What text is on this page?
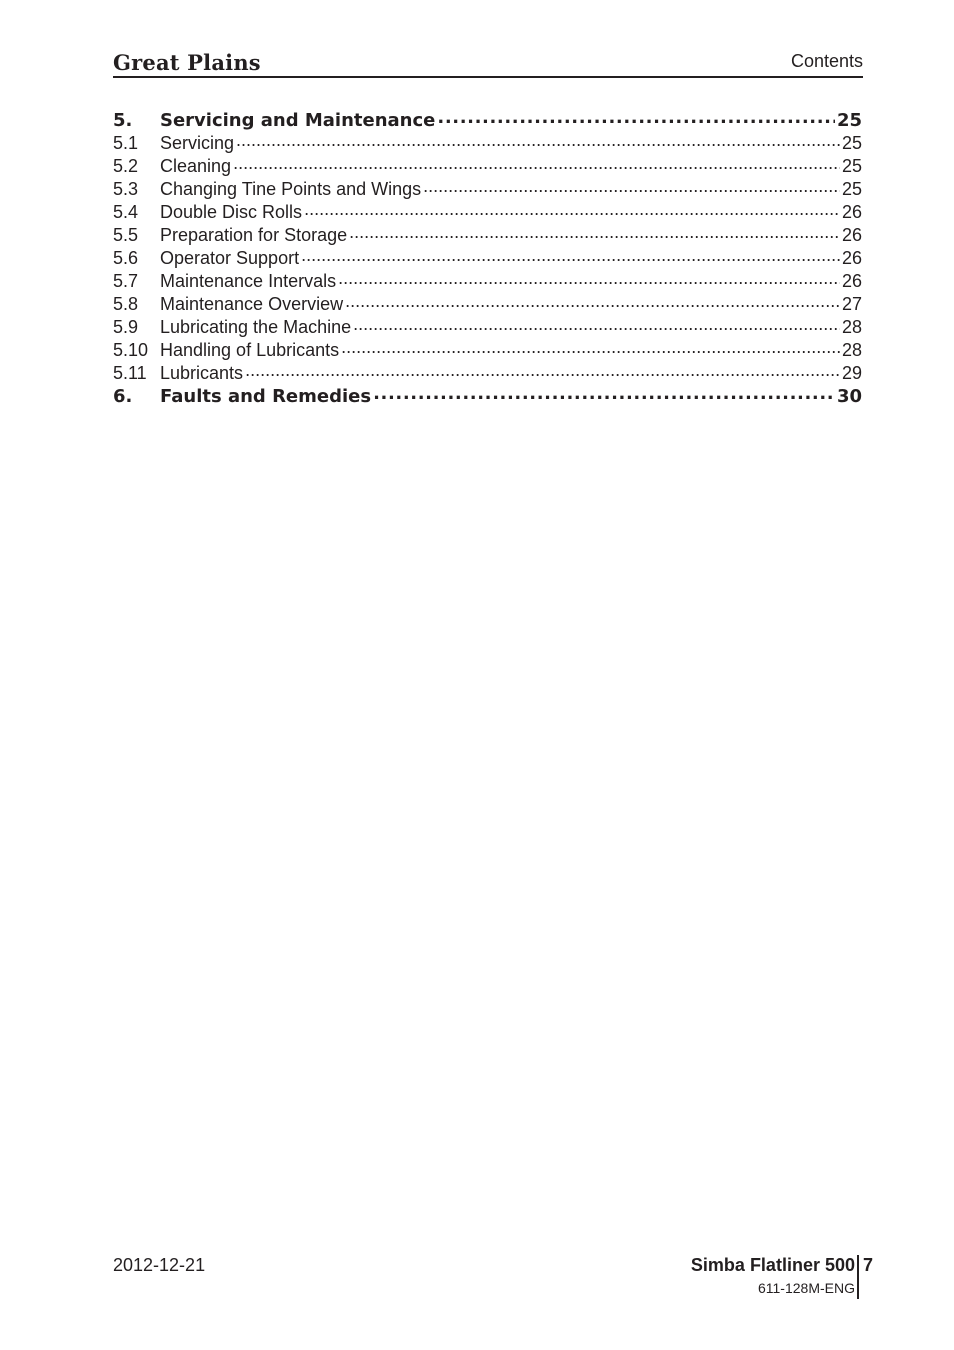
Great Plains	Contents
5.	Servicing and Maintenance .....	25
5.1	Servicing .....	25
5.2	Cleaning .....	25
5.3	Changing Tine Points and Wings .....	25
5.4	Double Disc Rolls .....	26
5.5	Preparation for Storage .....	26
5.6	Operator Support .....	26
5.7	Maintenance Intervals .....	26
5.8	Maintenance Overview .....	27
5.9	Lubricating the Machine .....	28
5.10 Handling of Lubricants .....	28
5.11 Lubricants .....	29
6.	Faults and Remedies .....	30
2012-12-21	Simba Flatliner 500
611-128M-ENG
7
